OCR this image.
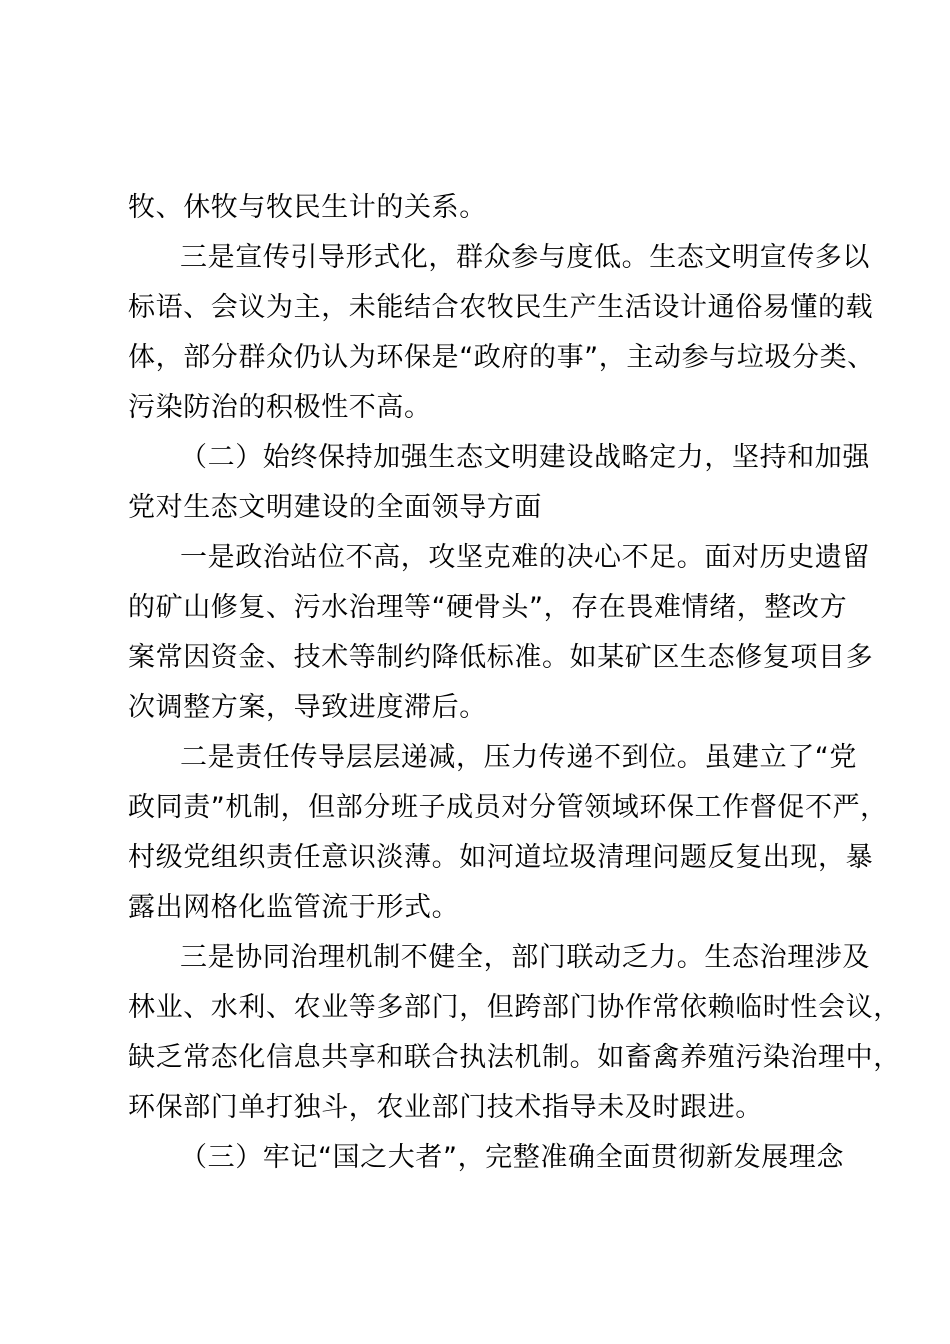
牧、休牧与牧民生计的关系。
三是宣传引导形式化，群众参与度低。生态文明宣传多以
标语、会议为主，未能结合农牧民生产生活设计通俗易懂的载
体，部分群众仍认为环保是“政府的事”，主动参与垃圾分类、
污染防治的积极性不高。
（二）始终保持加强生态文明建设战略定力，坚持和加强
党对生态文明建设的全面领导方面
一是政治站位不高，攻坚克难的决心不足。面对历史遗留
的矿山修复、污水治理等“硬骨头”，存在畏难情绪，整改方
案常因资金、技术等制约降低标准。如某矿区生态修复项目多
次调整方案，导致进度滞后。
二是责任传导层层递减，压力传递不到位。虽建立了“党
政同责”机制，但部分班子成员对分管领域环保工作督促不严，
村级党组织责任意识淡薄。如河道垃圾清理问题反复出现，暴
露出网格化监管流于形式。
三是协同治理机制不健全，部门联动乏力。生态治理涉及
林业、水利、农业等多部门，但跨部门协作常依赖临时性会议，
缺乏常态化信息共享和联合执法机制。如畜禽养殖污染治理中，
环保部门单打独斗，农业部门技术指导未及时跟进。
（三）牢记“国之大者”，完整准确全面贯彻新发展理念
